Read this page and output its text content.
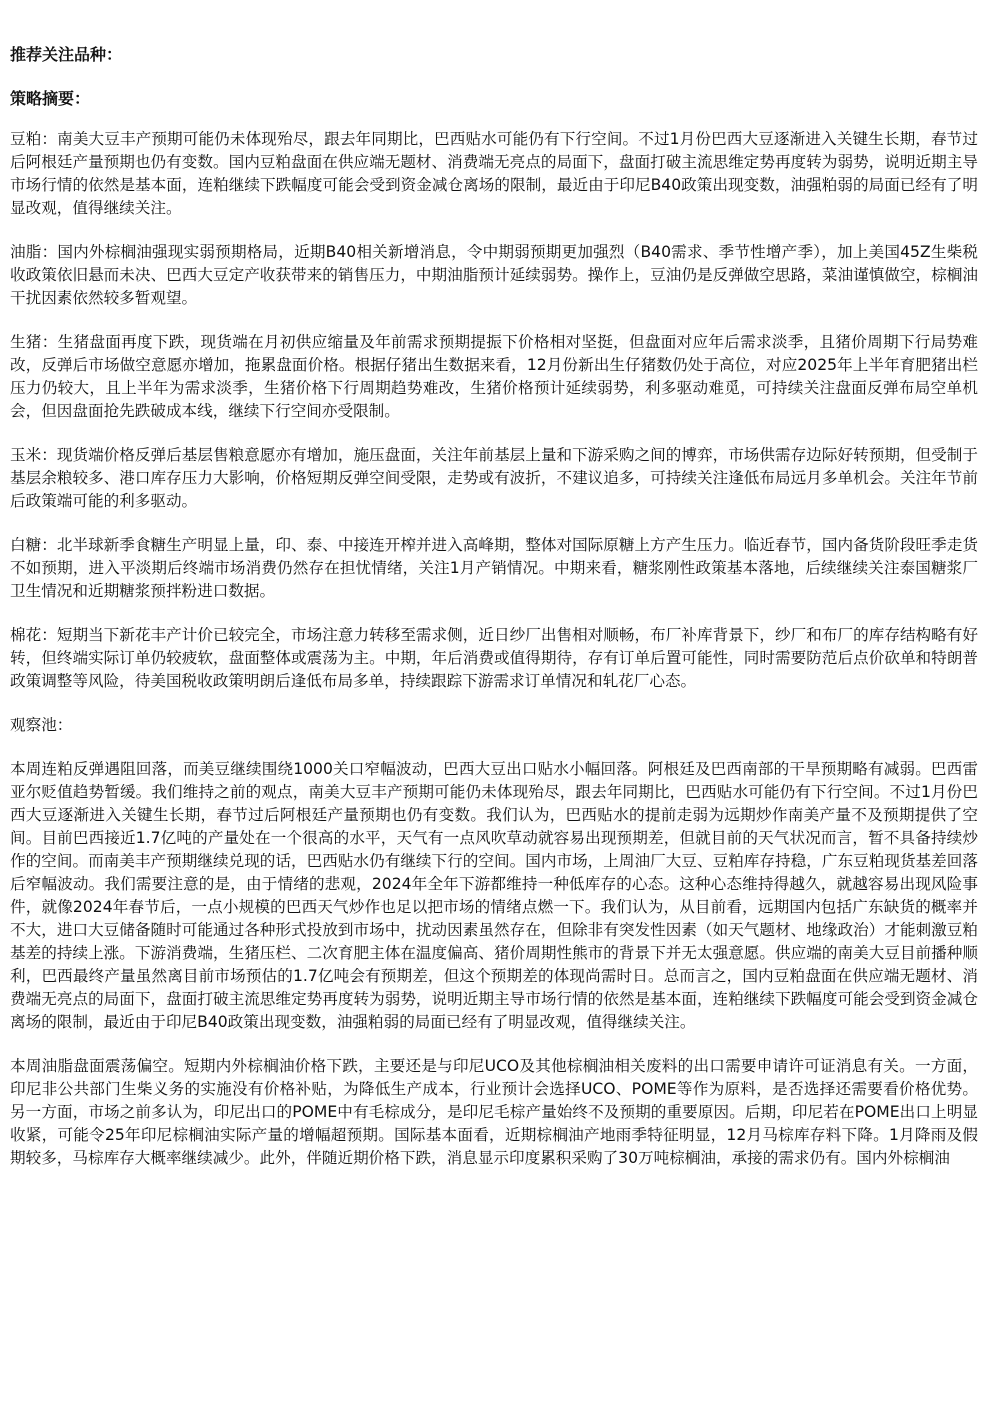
推荐关注品种：
策略摘要：

豆粕：南美大豆丰产预期可能仍未体现殆尽，跟去年同期比，巴西贴水可能仍有下行空间。不过1月份巴西大豆逐渐进入关键生长期，春节过后阿根廷产量预期也仍有变数。国内豆粕盘面在供应端无题材、消费端无亮点的局面下，盘面打破主流思维定势再度转为弱势，说明近期主导市场行情的依然是基本面，连粕继续下跌幅度可能会受到资金减仓离场的限制，最近由于印尼B40政策出现变数，油强粕弱的局面已经有了明显改观，值得继续关注。

油脂：国内外棕榈油强现实弱预期格局，近期B40相关新增消息，令中期弱预期更加强烈（B40需求、季节性增产季），加上美国45Z生柴税收政策依旧悬而未决、巴西大豆定产收获带来的销售压力，中期油脂预计延续弱势。操作上，豆油仍是反弹做空思路，菜油谨慎做空，棕榈油干扰因素依然较多暂观望。

生猪：生猪盘面再度下跌，现货端在月初供应缩量及年前需求预期提振下价格相对坚挺，但盘面对应年后需求淡季，且猪价周期下行局势难改，反弹后市场做空意愿亦增加，拖累盘面价格。根据仔猪出生数据来看，12月份新出生仔猪数仍处于高位，对应2025年上半年育肥猪出栏压力仍较大，且上半年为需求淡季，生猪价格下行周期趋势难改，生猪价格预计延续弱势，利多驱动难觅，可持续关注盘面反弹布局空单机会，但因盘面抢先跌破成本线，继续下行空间亦受限制。

玉米：现货端价格反弹后基层售粮意愿亦有增加，施压盘面，关注年前基层上量和下游采购之间的博弈，市场供需存边际好转预期，但受制于基层余粮较多、港口库存压力大影响，价格短期反弹空间受限，走势或有波折，不建议追多，可持续关注逢低布局远月多单机会。关注年节前后政策端可能的利多驱动。

白糖：北半球新季食糖生产明显上量，印、泰、中接连开榨并进入高峰期，整体对国际原糖上方产生压力。临近春节，国内备货阶段旺季走货不如预期，进入平淡期后终端市场消费仍然存在担忧情绪，关注1月产销情况。中期来看，糖浆刚性政策基本落地，后续继续关注泰国糖浆厂卫生情况和近期糖浆预拌粉进口数据。

棉花：短期当下新花丰产计价已较完全，市场注意力转移至需求侧，近日纱厂出售相对顺畅，布厂补库背景下，纱厂和布厂的库存结构略有好转，但终端实际订单仍较疲软，盘面整体或震荡为主。中期，年后消费或值得期待，存有订单后置可能性，同时需要防范后点价砍单和特朗普政策调整等风险，待美国税收政策明朗后逢低布局多单，持续跟踪下游需求订单情况和轧花厂心态。

观察池：

本周连粕反弹遇阻回落，而美豆继续围绕1000关口窄幅波动，巴西大豆出口贴水小幅回落。阿根廷及巴西南部的干旱预期略有减弱。巴西雷亚尔贬值趋势暂缓。我们维持之前的观点，南美大豆丰产预期可能仍未体现殆尽，跟去年同期比，巴西贴水可能仍有下行空间。不过1月份巴西大豆逐渐进入关键生长期，春节过后阿根廷产量预期也仍有变数。我们认为，巴西贴水的提前走弱为远期炒作南美产量不及预期提供了空间。目前巴西接近1.7亿吨的产量处在一个很高的水平，天气有一点风吹草动就容易出现预期差，但就目前的天气状况而言，暂不具备持续炒作的空间。而南美丰产预期继续兑现的话，巴西贴水仍有继续下行的空间。国内市场，上周油厂大豆、豆粕库存持稳，广东豆粕现货基差回落后窄幅波动。我们需要注意的是，由于情绪的悲观，2024年全年下游都维持一种低库存的心态。这种心态维持得越久，就越容易出现风险事件，就像2024年春节后，一点小规模的巴西天气炒作也足以把市场的情绪点燃一下。我们认为，从目前看，远期国内包括广东缺货的概率并不大，进口大豆储备随时可能通过各种形式投放到市场中，扰动因素虽然存在，但除非有突发性因素（如天气题材、地缘政治）才能刺激豆粕基差的持续上涨。下游消费端，生猪压栏、二次育肥主体在温度偏高、猪价周期性熊市的背景下并无太强意愿。供应端的南美大豆目前播种顺利，巴西最终产量虽然离目前市场预估的1.7亿吨会有预期差，但这个预期差的体现尚需时日。总而言之，国内豆粕盘面在供应端无题材、消费端无亮点的局面下，盘面打破主流思维定势再度转为弱势，说明近期主导市场行情的依然是基本面，连粕继续下跌幅度可能会受到资金减仓离场的限制，最近由于印尼B40政策出现变数，油强粕弱的局面已经有了明显改观，值得继续关注。

本周油脂盘面震荡偏空。短期内外棕榈油价格下跌，主要还是与印尼UCO及其他棕榈油相关废料的出口需要申请许可证消息有关。一方面，印尼非公共部门生柴义务的实施没有价格补贴，为降低生产成本，行业预计会选择UCO、POME等作为原料，是否选择还需要看价格优势。另一方面，市场之前多认为，印尼出口的POME中有毛棕成分，是印尼毛棕产量始终不及预期的重要原因。后期，印尼若在POME出口上明显收紧，可能令25年印尼棕榈油实际产量的增幅超预期。国际基本面看，近期棕榈油产地雨季特征明显，12月马棕库存料下降。1月降雨及假期较多，马棕库存大概率继续减少。此外，伴随近期价格下跌，消息显示印度累积采购了30万吨棕榈油，承接的需求仍有。国内外棕榈油
